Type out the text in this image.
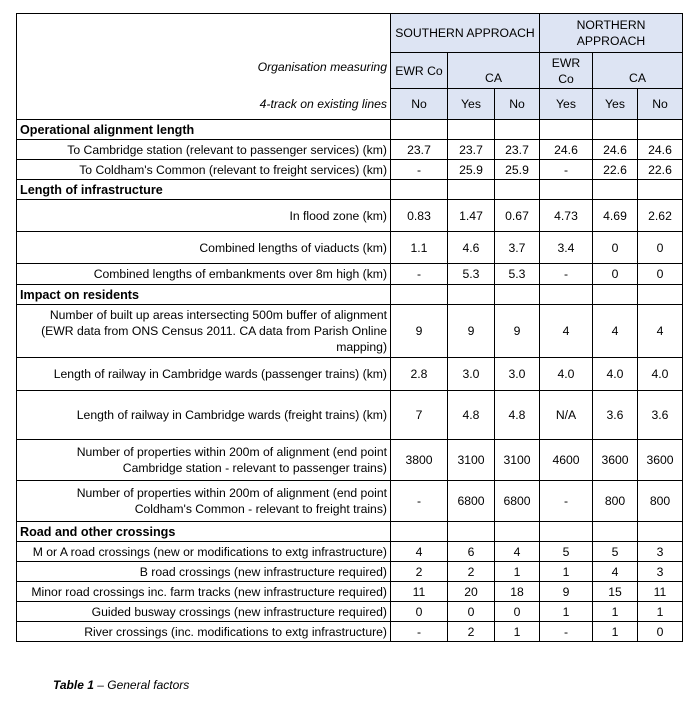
Organisation measuring	SOUTHERN APPROACH			NORTHERN APPROACH		
	EWR Co	CA		EWR Co	CA	
4-track on existing lines	No	Yes	No	Yes	Yes	No
Operational alignment length						
To Cambridge station (relevant to passenger services) (km)	23.7	23.7	23.7	24.6	24.6	24.6
To Coldham's Common (relevant to freight services) (km)	-	25.9	25.9	-	22.6	22.6
Length of infrastructure						
In flood zone (km)	0.83	1.47	0.67	4.73	4.69	2.62
Combined lengths of viaducts (km)	1.1	4.6	3.7	3.4	0	0
Combined lengths of embankments over 8m high (km)	-	5.3	5.3	-	0	0
Impact on residents						
Number of built up areas intersecting 500m buffer of alignment (EWR data from ONS Census 2011. CA data from Parish Online mapping)	9	9	9	4	4	4
Length of railway in Cambridge wards (passenger trains) (km)	2.8	3.0	3.0	4.0	4.0	4.0
Length of railway in Cambridge wards (freight trains) (km)	7	4.8	4.8	N/A	3.6	3.6
Number of properties within 200m of alignment (end point Cambridge station - relevant to passenger trains)	3800	3100	3100	4600	3600	3600
Number of properties within 200m of alignment (end point Coldham's Common - relevant to freight trains)	-	6800	6800	-	800	800
Road and other crossings						
M or A road crossings (new or modifications to extg infrastructure)	4	6	4	5	5	3
B road crossings (new infrastructure required)	2	2	1	1	4	3
Minor road crossings inc. farm tracks (new infrastructure required)	11	20	18	9	15	11
Guided busway crossings (new infrastructure required)	0	0	0	1	1	1
River crossings (inc. modifications to extg infrastructure)	-	2	1	-	1	0
Table 1 – General factors
